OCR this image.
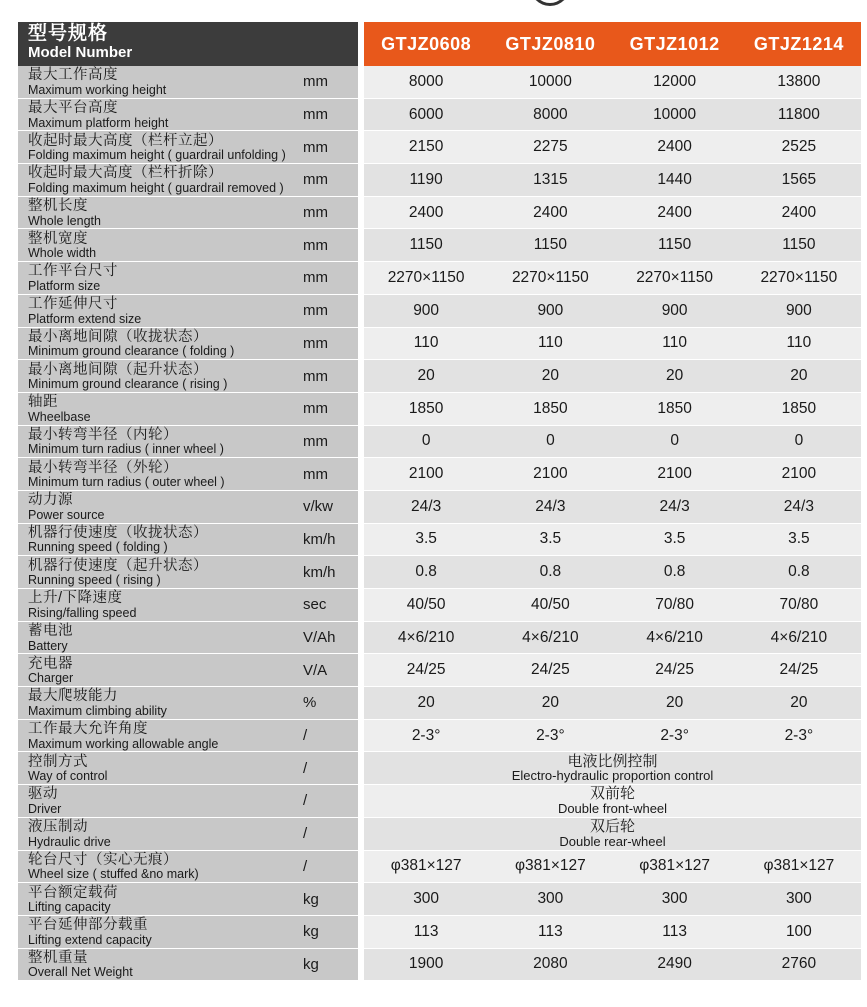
型号规格
Model Number	GTJZ0608	GTJZ0810	GTJZ1012	GTJZ1214
最大工作高度
Maximum working height	mm	8000	10000	12000	13800
最大平台高度
Maximum platform height	mm	6000	8000	10000	11800
收起时最大高度（栏杆立起）
Folding maximum height ( guardrail unfolding )	mm	2150	2275	2400	2525
收起时最大高度（栏杆折除）
Folding maximum height ( guardrail removed )	mm	1190	1315	1440	1565
整机长度
Whole length	mm	2400	2400	2400	2400
整机宽度
Whole width	mm	1150	1150	1150	1150
工作平台尺寸
Platform size	mm	2270×1150	2270×1150	2270×1150	2270×1150
工作延伸尺寸
Platform extend size	mm	900	900	900	900
最小离地间隙（收拢状态）
Minimum ground clearance ( folding )	mm	110	110	110	110
最小离地间隙（起升状态）
Minimum ground clearance ( rising )	mm	20	20	20	20
轴距
Wheelbase	mm	1850	1850	1850	1850
最小转弯半径（内轮）
Minimum turn radius ( inner wheel )	mm	0	0	0	0
最小转弯半径（外轮）
Minimum turn radius ( outer wheel )	mm	2100	2100	2100	2100
动力源
Power source	v/kw	24/3	24/3	24/3	24/3
机器行使速度（收拢状态）
Running speed ( folding )	km/h	3.5	3.5	3.5	3.5
机器行使速度（起升状态）
Running speed ( rising )	km/h	0.8	0.8	0.8	0.8
上升/下降速度
Rising/falling speed	sec	40/50	40/50	70/80	70/80
蓄电池
Battery	V/Ah	4×6/210	4×6/210	4×6/210	4×6/210
充电器
Charger	V/A	24/25	24/25	24/25	24/25
最大爬坡能力
Maximum climbing ability	%	20	20	20	20
工作最大允许角度
Maximum working allowable angle	/	2-3°	2-3°	2-3°	2-3°
控制方式
Way of control	/	电液比例控制
Electro-hydraulic proportion control
驱动
Driver	/	双前轮
Double front-wheel
液压制动
Hydraulic drive	/	双后轮
Double rear-wheel
轮台尺寸（实心无痕）
Wheel size ( stuffed &no mark)	/	φ381×127	φ381×127	φ381×127	φ381×127
平台额定载荷
Lifting capacity	kg	300	300	300	300
平台延伸部分载重
Lifting extend capacity	kg	113	113	113	100
整机重量
Overall Net Weight	kg	1900	2080	2490	2760
